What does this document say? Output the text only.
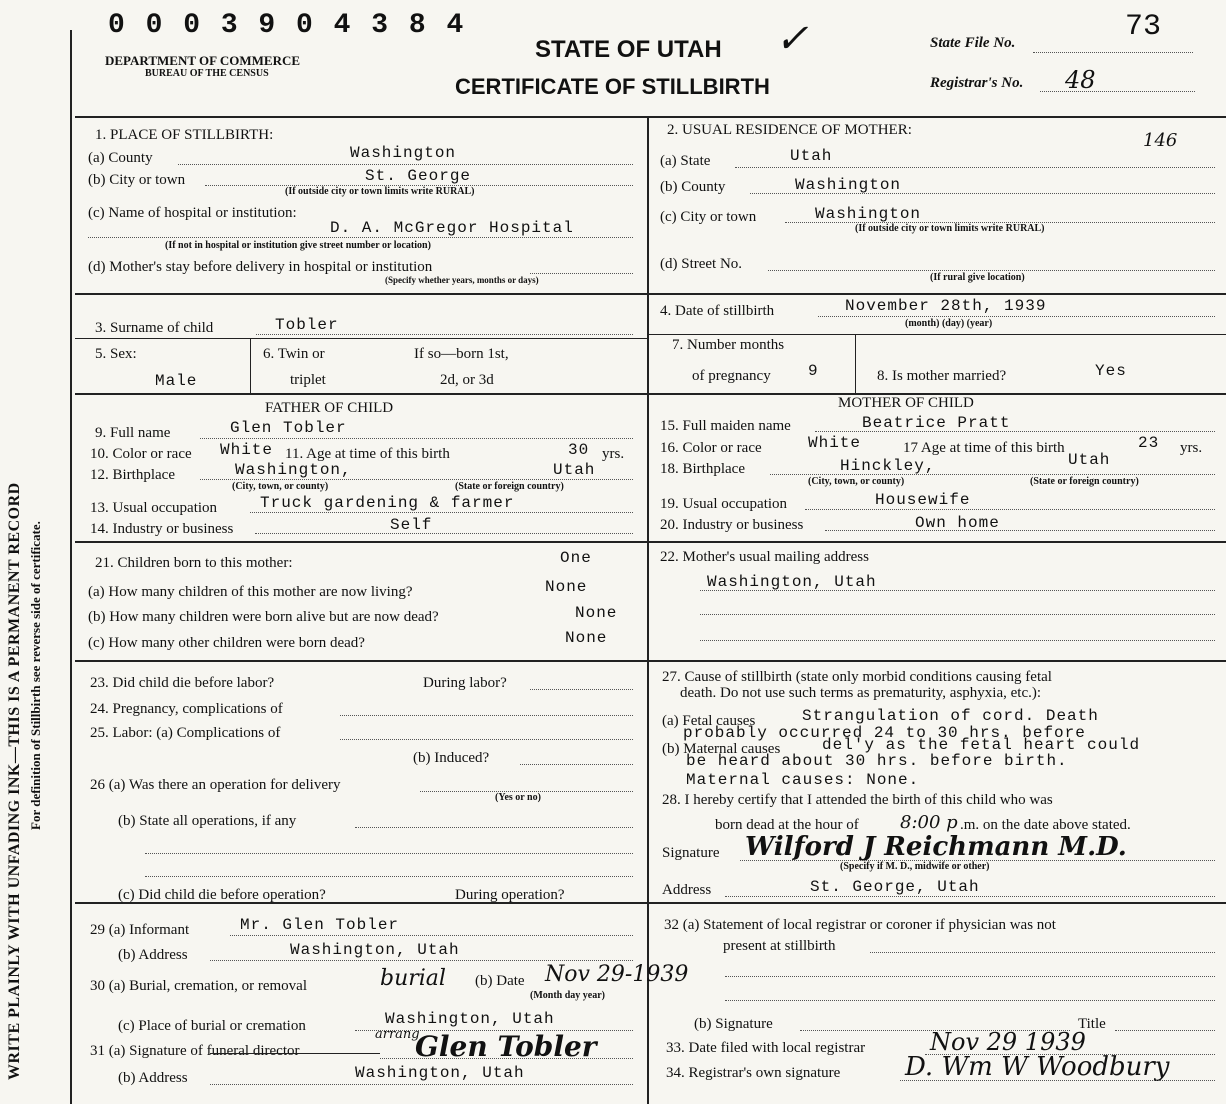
0 0 0 3 9 0 4 3 8 4
DEPARTMENT OF COMMERCE
BUREAU OF THE CENSUS
STATE OF UTAH ✓
CERTIFICATE OF STILLBIRTH
State File No.	73
Registrar's No. 48
WRITE PLAINLY WITH UNFADING INK—THIS IS A PERMANENT RECORD For definition of Stillbirth see reverse side of certificate.
1. PLACE OF STILLBIRTH:
(a) County	Washington
(b) City or town	St. George
(If outside city or town limits write RURAL)
(c) Name of hospital or institution:
D. A. McGregor Hospital
(If not in hospital or institution give street number or location)
(d) Mother's stay before delivery in hospital or institution
(Specify whether years, months or days)
2. USUAL RESIDENCE OF MOTHER:	146
(a) State	Utah
(b) County	Washington
(c) City or town	Washington
(If outside city or town limits write RURAL)
(d) Street No.
(If rural give location)
3. Surname of child	Tobler
5. Sex:
Male
6. Twin or	If so—born 1st,
triplet	2d, or 3d
4. Date of stillbirth	November 28th, 1939
(month) (day) (year)
7. Number months
of pregnancy 9	8. Is mother married?	Yes
FATHER OF CHILD
9. Full name	Glen Tobler
10. Color or race White 11. Age at time of this birth	30 yrs.
12. Birthplace	Washington,	Utah
(City, town, or county)	(State or foreign country)
13. Usual occupation	Truck gardening & farmer
14. Industry or business	Self
MOTHER OF CHILD
15. Full maiden name	Beatrice Pratt
16. Color or race	White	17 Age at time of this birth	23 yrs.
18. Birthplace	Hinckley,	Utah
(City, town, or county)	(State or foreign country)
19. Usual occupation	Housewife
20. Industry or business	Own home
21. Children born to this mother:	One
(a) How many children of this mother are now living?	None
(b) How many children were born alive but are now dead?	None
(c) How many other children were born dead?	None
22. Mother's usual mailing address
Washington, Utah
23. Did child die before labor?	During labor?
24. Pregnancy, complications of
25. Labor: (a) Complications of
(b) Induced?
26 (a) Was there an operation for delivery
(Yes or no)
(b) State all operations, if any
(c) Did child die before operation?	During operation?
27. Cause of stillbirth (state only morbid conditions causing fetal
death. Do not use such terms as prematurity, asphyxia, etc.):
(a) Fetal causes	Strangulation of cord. Death
probably occurred 24 to 30 hrs. before
(b) Maternal causes	del'y as the fetal heart could
be heard about 30 hrs. before birth.
Maternal causes: None.
28. I hereby certify that I attended the birth of this child who was
born dead at the hour of 8:00 p .m. on the date above stated.
Signature Wilford J Reichmann M.D.
(Specify if M. D., midwife or other)
Address	St. George, Utah
29 (a) Informant	Mr. Glen Tobler
(b) Address	Washington, Utah
30 (a) Burial, cremation, or removal	burial (b) Date Nov 29-1939
(Month day year)
(c) Place of burial or cremation	Washington, Utah
31 (a) Signature of funeral director
arrang
Glen Tobler
(b) Address	Washington, Utah
32 (a) Statement of local registrar or coroner if physician was not
present at stillbirth
(b) Signature	Title
33. Date filed with local registrar	Nov 29 1939
34. Registrar's own signature D. Wm W Woodbury
